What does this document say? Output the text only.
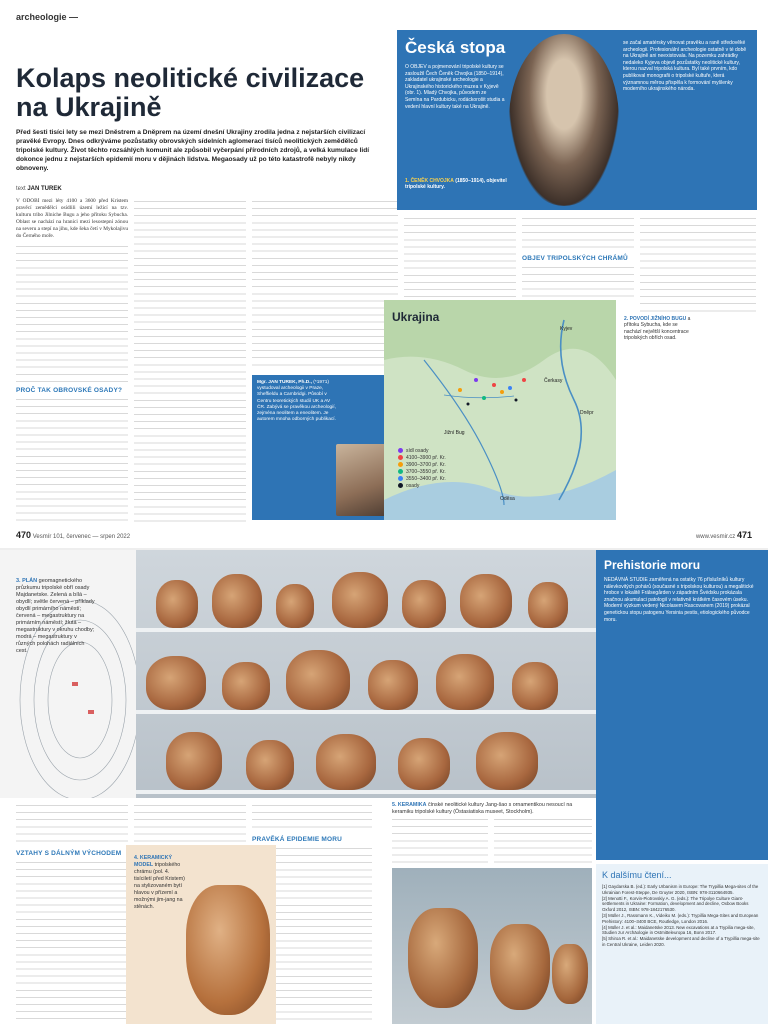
archeologie —
Kolaps neolitické civilizace na Ukrajině

Před šesti tisíci lety se mezi Dněstrem a Dněprem na území dnešní Ukrajiny zrodila jedna z nejstarších civilizací pravěké Evropy. Dnes odkrýváme pozůstatky obrovských sídelních aglomerací tisíců neolitických zemědělců tripolské kultury. Život těchto rozsáhlých komunit ale způsobil vyčerpání přírodních zdrojů, a velká kumulace lidí dokonce jednu z nejstarších epidemií moru v dějinách lidstva. Megaosady už po této katastrofě nebyly nikdy obnoveny.

text JAN TUREK
V ODOBÍ mezi léty 4100 a 3600 před Kristem pravěcí zemědělci osídlili území ležící na tzv. kulturu tribo Jilniche Bugu a jeho přítoku Sybucha. Oblast se nachází na hranici mezi lesostepní zónou na severu a stepí na jihu, kde šeka četí v Mykolajivu do Černého moře.
PROČ TAK OBROVSKÉ OSADY?
Mgr. JAN TUREK, Ph.D., (*1971)
vystudoval archeologii v Praze, Sheffieldu a Cambridgi. Působí v Centru teoretických studií UK a AV ČR. Zabývá se pravěkou archeologií, zejména neolitem a eneolitem. Je autorem mnoha odborných publikací.
OBJEV TRIPOLSKÝCH CHRÁMŮ
Česká stopa
O OBJEV a pojmenování tripolské kultury se zasloužil Čech Čeněk Chvojka (1850–1914), zakladatel ukrajinské archeologie a Ukrajinského historického muzea v Kyjevě (obr. 1). Mladý Chvojka, původem ze Semína na Pardubicku, rodáckorošit studia a vedení hlavní kultury také na Ukrajině.
se začal amatérsky věnovat pravěku a raně středověké archeologii. Profesionální archeologie ostatně v té době na Ukrajině ani neexistovala. Na pozemku zahrádky nedaleko Kyjeva objevil pozůstatky neolitické kultury, kterou nazval tripolská kultura. Byl také prvním, kdo publikoval monografii o tripolské kultuře, která významnou měrou přispěla k formování myšlenky moderního ukrajinského národa.
1. ČENĚK CHVOJKA (1850–1914), objevitel tripolské kultury.
Ukrajina
Kyjev
Dněpr
Jižní Bug
Čerkasy
Oděsa
sídl osady
4100–3900 př. Kr.
3900–3700 př. Kr.
3700–3550 př. Kr.
3550–3400 př. Kr.
osady
2. POVODÍ JIŽNÍHO BUGU a přítoku Sybucha, kde se nachází největší koncentrace tripolských obřích osad.
470 Vesmír 101, červenec — srpen 2022	www.vesmir.cz 471
3. PLÁN geomagnetického průzkumu tripolské obří osady Majdanetske. Zelená a bílá – obydlí; světle červená – příklady obydlí primárního náměstí; červená – megastruktury na primárním náměstí; žlutá – megastruktury v okruhu chodby; modrá – megastruktury v různých polohách radiálních cest.
Prehistorie moru
NEDÁVNÁ STUDIE zaměřená na ostatky 76 příslušníků kultury nálevkovitých pohárů (současné s tripolskou kulturou) a megalitické hrobce v lokalitě Frälsegården v západním Švédsku prokázala značnou akumulaci patologií v relativně krátkém časovém úseku. Moderní výzkum vedený Nicolasem Rascovanem (2019) prokázal genetickou stopu patogenu Yersinia pestis, etiologického původce moru.
VZTAHY S DÁLNÝM VÝCHODEM
PRAVĚKÁ EPIDEMIE MORU
5. KERAMIKA čínské neolitické kultury Jang-šao s ornamentikou nesoucí na keramiku tripolské kultury (Östasiatiska museet, Stockholm).
4. KERAMICKÝ MODEL tripolského chrámu (pol. 4. tisíciletí před Kristem) na stylizovaném bytí hlavou v přízemí a možnými jim-jang na stěnách.
K dalšímu čtení...
[1] Gaydarska B. (ed.): Early Urbanism in Europe: The Trypillia Mega-sites of the Ukrainian Forest-Steppe, De Gruyter 2020, ISBN: 978-3110664935.
[2] Menotti F., Korvin-Piotrovskiy A. G. (eds.): The Tripolye Culture Giant-settlements in Ukraine: Formation, development and decline, Oxbow Books Oxford 2012, ISBN: 978-1842176530.
[3] Müller J., Rassmann K., Videiko M. (eds.): Trypillia Mega-Sites and European Prehistory: 4100–3400 BCE, Routledge, London 2016.
[4] Müller J. et al.: Maidanetske 2013. New excavations at a Trypilia mega-site, Studien zur Archäologie in Ostmitteleuropa 16, Bonn 2017.
[5] Shiroa R. et al.: Maidanetske development and decline of a Trypillia mega-site in Central Ukraine, Leiden 2020.
